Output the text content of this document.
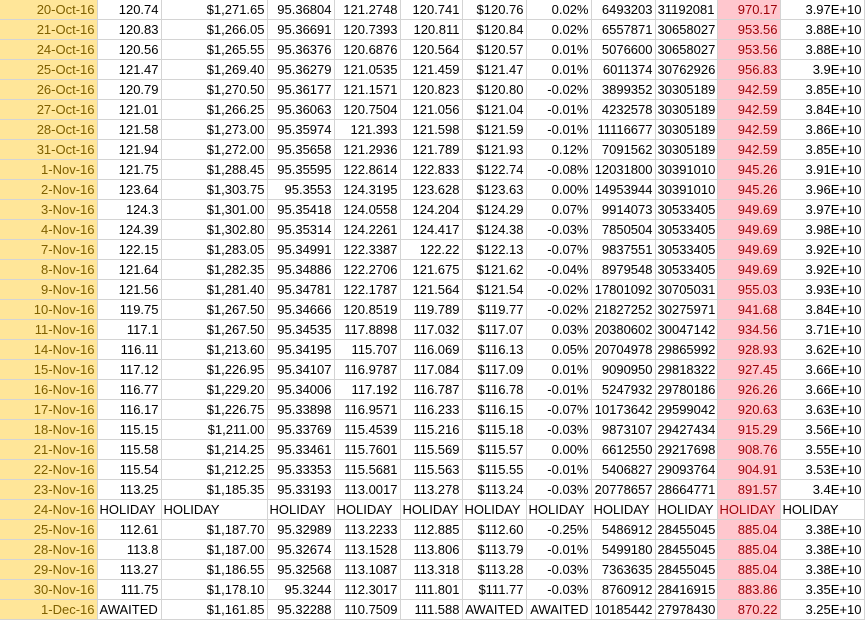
20-Oct-16	120.74	$1,271.65	95.36804	121.2748	120.741	$120.76	0.02%	6493203	31192081	970.17	3.97E+10
21-Oct-16	120.83	$1,266.05	95.36691	120.7393	120.811	$120.84	0.02%	6557871	30658027	953.56	3.88E+10
24-Oct-16	120.56	$1,265.55	95.36376	120.6876	120.564	$120.57	0.01%	5076600	30658027	953.56	3.88E+10
25-Oct-16	121.47	$1,269.40	95.36279	121.0535	121.459	$121.47	0.01%	6011374	30762926	956.83	3.9E+10
26-Oct-16	120.79	$1,270.50	95.36177	121.1571	120.823	$120.80	-0.02%	3899352	30305189	942.59	3.85E+10
27-Oct-16	121.01	$1,266.25	95.36063	120.7504	121.056	$121.04	-0.01%	4232578	30305189	942.59	3.84E+10
28-Oct-16	121.58	$1,273.00	95.35974	121.393	121.598	$121.59	-0.01%	11116677	30305189	942.59	3.86E+10
31-Oct-16	121.94	$1,272.00	95.35658	121.2936	121.789	$121.93	0.12%	7091562	30305189	942.59	3.85E+10
1-Nov-16	121.75	$1,288.45	95.35595	122.8614	122.833	$122.74	-0.08%	12031800	30391010	945.26	3.91E+10
2-Nov-16	123.64	$1,303.75	95.3553	124.3195	123.628	$123.63	0.00%	14953944	30391010	945.26	3.96E+10
3-Nov-16	124.3	$1,301.00	95.35418	124.0558	124.204	$124.29	0.07%	9914073	30533405	949.69	3.97E+10
4-Nov-16	124.39	$1,302.80	95.35314	124.2261	124.417	$124.38	-0.03%	7850504	30533405	949.69	3.98E+10
7-Nov-16	122.15	$1,283.05	95.34991	122.3387	122.22	$122.13	-0.07%	9837551	30533405	949.69	3.92E+10
8-Nov-16	121.64	$1,282.35	95.34886	122.2706	121.675	$121.62	-0.04%	8979548	30533405	949.69	3.92E+10
9-Nov-16	121.56	$1,281.40	95.34781	122.1787	121.564	$121.54	-0.02%	17801092	30705031	955.03	3.93E+10
10-Nov-16	119.75	$1,267.50	95.34666	120.8519	119.789	$119.77	-0.02%	21827252	30275971	941.68	3.84E+10
11-Nov-16	117.1	$1,267.50	95.34535	117.8898	117.032	$117.07	0.03%	20380602	30047142	934.56	3.71E+10
14-Nov-16	116.11	$1,213.60	95.34195	115.707	116.069	$116.13	0.05%	20704978	29865992	928.93	3.62E+10
15-Nov-16	117.12	$1,226.95	95.34107	116.9787	117.084	$117.09	0.01%	9090950	29818322	927.45	3.66E+10
16-Nov-16	116.77	$1,229.20	95.34006	117.192	116.787	$116.78	-0.01%	5247932	29780186	926.26	3.66E+10
17-Nov-16	116.17	$1,226.75	95.33898	116.9571	116.233	$116.15	-0.07%	10173642	29599042	920.63	3.63E+10
18-Nov-16	115.15	$1,211.00	95.33769	115.4539	115.216	$115.18	-0.03%	9873107	29427434	915.29	3.56E+10
21-Nov-16	115.58	$1,214.25	95.33461	115.7601	115.569	$115.57	0.00%	6612550	29217698	908.76	3.55E+10
22-Nov-16	115.54	$1,212.25	95.33353	115.5681	115.563	$115.55	-0.01%	5406827	29093764	904.91	3.53E+10
23-Nov-16	113.25	$1,185.35	95.33193	113.0017	113.278	$113.24	-0.03%	20778657	28664771	891.57	3.4E+10
24-Nov-16	HOLIDAY	HOLIDAY	HOLIDAY	HOLIDAY	HOLIDAY	HOLIDAY	HOLIDAY	HOLIDAY	HOLIDAY	HOLIDAY	HOLIDAY
25-Nov-16	112.61	$1,187.70	95.32989	113.2233	112.885	$112.60	-0.25%	5486912	28455045	885.04	3.38E+10
28-Nov-16	113.8	$1,187.00	95.32674	113.1528	113.806	$113.79	-0.01%	5499180	28455045	885.04	3.38E+10
29-Nov-16	113.27	$1,186.55	95.32568	113.1087	113.318	$113.28	-0.03%	7363635	28455045	885.04	3.38E+10
30-Nov-16	111.75	$1,178.10	95.3244	112.3017	111.801	$111.77	-0.03%	8760912	28416915	883.86	3.35E+10
1-Dec-16	AWAITED	$1,161.85	95.32288	110.7509	111.588	AWAITED	AWAITED	10185442	27978430	870.22	3.25E+10
